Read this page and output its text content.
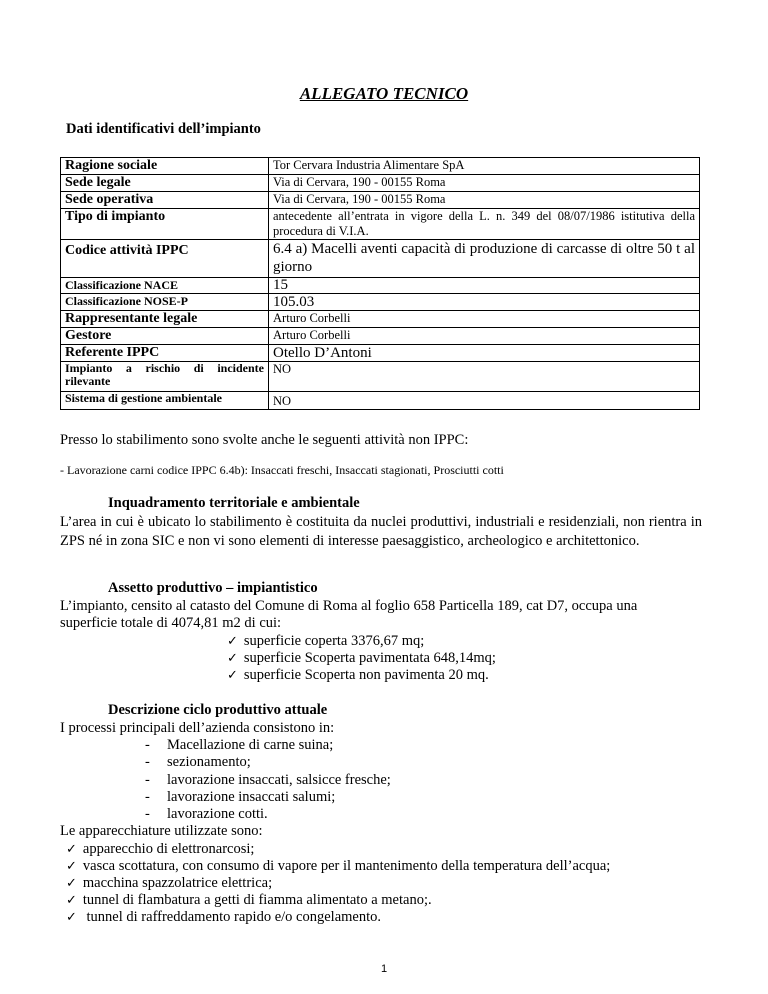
ALLEGATO TECNICO
Dati identificativi dell’impianto
Ragione sociale	Tor Cervara Industria Alimentare SpA
Sede legale	Via di Cervara, 190 - 00155 Roma
Sede operativa	Via di Cervara, 190 - 00155 Roma
Tipo di impianto	antecedente all’entrata in vigore della L. n. 349 del 08/07/1986 istitutiva della procedura di V.I.A.
Codice attività IPPC	6.4 a) Macelli aventi capacità di produzione di carcasse di oltre 50 t al giorno
Classificazione NACE	15
Classificazione NOSE-P	105.03
Rappresentante legale	Arturo Corbelli
Gestore	Arturo Corbelli
Referente IPPC	Otello D’Antoni
Impianto a rischio di incidente rilevante	NO
Sistema di gestione ambientale	NO
Presso lo stabilimento sono svolte anche le seguenti attività non IPPC:
- Lavorazione carni codice IPPC 6.4b): Insaccati freschi, Insaccati stagionati, Prosciutti cotti
Inquadramento territoriale e ambientale
L’area in cui è ubicato lo stabilimento è costituita da nuclei produttivi, industriali e residenziali, non rientra in ZPS né in zona SIC e non vi sono elementi di interesse paesaggistico, archeologico e architettonico.
Assetto produttivo – impiantistico
L’impianto, censito al catasto del Comune di Roma al foglio 658 Particella 189, cat D7, occupa una
superficie totale di 4074,81 m2 di cui:
✓ superficie coperta 3376,67 mq;
✓ superficie Scoperta pavimentata 648,14mq;
✓ superficie Scoperta non pavimenta 20 mq.
Descrizione ciclo produttivo attuale
I processi principali dell’azienda consistono in:
- Macellazione di carne suina;
- sezionamento;
- lavorazione insaccati, salsicce fresche;
- lavorazione insaccati salumi;
- lavorazione cotti.
Le apparecchiature utilizzate sono:
✓ apparecchio di elettronarcosi;
✓ vasca scottatura, con consumo di vapore per il mantenimento della temperatura dell’acqua;
✓ macchina spazzolatrice elettrica;
✓ tunnel di flambatura a getti di fiamma alimentato a metano;.
✓ tunnel di raffreddamento rapido e/o congelamento.
1
